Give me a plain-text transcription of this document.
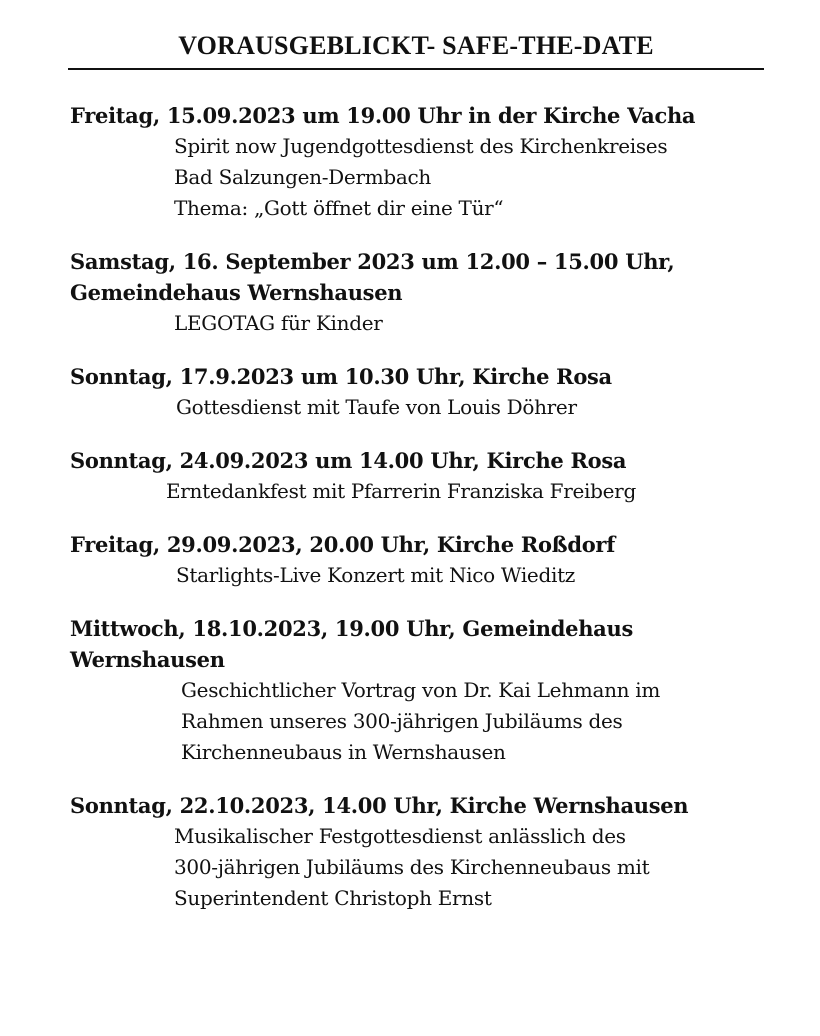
VORAUSGEBLICKT- SAFE-THE-DATE
Freitag, 15.09.2023 um 19.00 Uhr in der Kirche Vacha
Spirit now Jugendgottesdienst des Kirchenkreises
Bad Salzungen-Dermbach
Thema: „Gott öffnet dir eine Tür“
Samstag, 16. September 2023 um 12.00 – 15.00 Uhr,
Gemeindehaus Wernshausen
LEGOTAG für Kinder
Sonntag, 17.9.2023 um 10.30 Uhr, Kirche Rosa
Gottesdienst mit Taufe von Louis Döhrer
Sonntag, 24.09.2023 um 14.00 Uhr, Kirche Rosa
Erntedankfest mit Pfarrerin Franziska Freiberg
Freitag, 29.09.2023, 20.00 Uhr, Kirche Roßdorf
Starlights-Live Konzert mit Nico Wieditz
Mittwoch, 18.10.2023, 19.00 Uhr, Gemeindehaus
Wernshausen
Geschichtlicher Vortrag von Dr. Kai Lehmann im
Rahmen unseres 300-jährigen Jubiläums des
Kirchenneubaus in Wernshausen
Sonntag, 22.10.2023, 14.00 Uhr, Kirche Wernshausen
Musikalischer Festgottesdienst anlässlich des
300-jährigen Jubiläums des Kirchenneubaus mit
Superintendent Christoph Ernst
